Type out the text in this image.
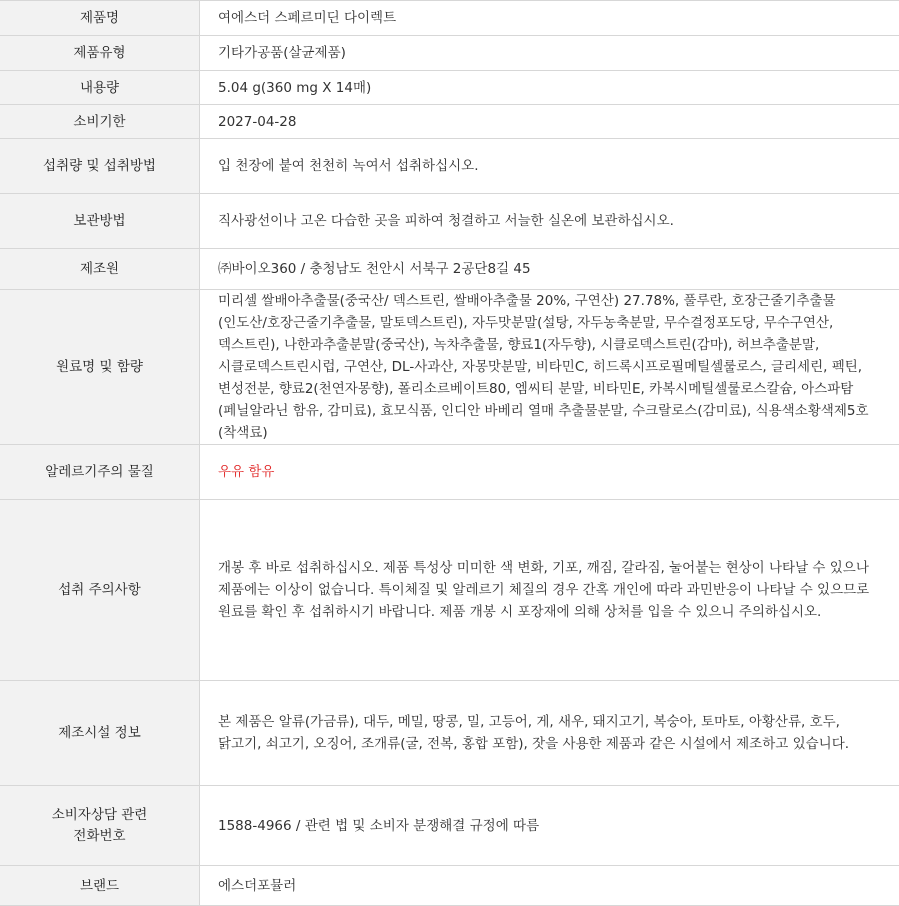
제품명	여에스더 스페르미딘 다이렉트
제품유형	기타가공품(살균제품)
내용량	5.04 g(360 mg X 14매)
소비기한	2027-04-28
섭취량 및 섭취방법	입 천장에 붙여 천천히 녹여서 섭취하십시오.
보관방법	직사광선이나 고온 다습한 곳을 피하여 청결하고 서늘한 실온에 보관하십시오.
제조원	㈜바이오360 / 충청남도 천안시 서북구 2공단8길 45
원료명 및 함량	미리셀 쌀배아추출물(중국산/ 덱스트린, 쌀배아추출물 20%, 구연산) 27.78%, 풀루란, 호장근줄기추출물(인도산/호장근줄기추출물, 말토덱스트린), 자두맛분말(설탕, 자두농축분말, 무수결정포도당, 무수구연산, 덱스트린), 나한과추출분말(중국산), 녹차추출물, 향료1(자두향), 시클로덱스트린(감마), 허브추출분말, 시클로덱스트린시럽, 구연산, DL-사과산, 자몽맛분말, 비타민C, 히드록시프로필메틸셀룰로스, 글리세린, 펙틴, 변성전분, 향료2(천연자몽향), 폴리소르베이트80, 엠씨티 분말, 비타민E, 카복시메틸셀룰로스칼슘, 아스파탐(페닐알라닌 함유, 감미료), 효모식품, 인디안 바베리 열매 추출물분말, 수크랄로스(감미료), 식용색소황색제5호(착색료)
알레르기주의 물질	우유 함유
섭취 주의사항	개봉 후 바로 섭취하십시오. 제품 특성상 미미한 색 변화, 기포, 깨짐, 갈라짐, 눌어붙는 현상이 나타날 수 있으나 제품에는 이상이 없습니다. 특이체질 및 알레르기 체질의 경우 간혹 개인에 따라 과민반응이 나타날 수 있으므로 원료를 확인 후 섭취하시기 바랍니다. 제품 개봉 시 포장재에 의해 상처를 입을 수 있으니 주의하십시오.
제조시설 정보	본 제품은 알류(가금류), 대두, 메밀, 땅콩, 밀, 고등어, 게, 새우, 돼지고기, 복숭아, 토마토, 아황산류, 호두, 닭고기, 쇠고기, 오징어, 조개류(굴, 전복, 홍합 포함), 잣을 사용한 제품과 같은 시설에서 제조하고 있습니다.

소비자상담 관련
전화번호	1588-4966 / 관련 법 및 소비자 분쟁해결 규정에 따름
브랜드	에스더포뮬러
